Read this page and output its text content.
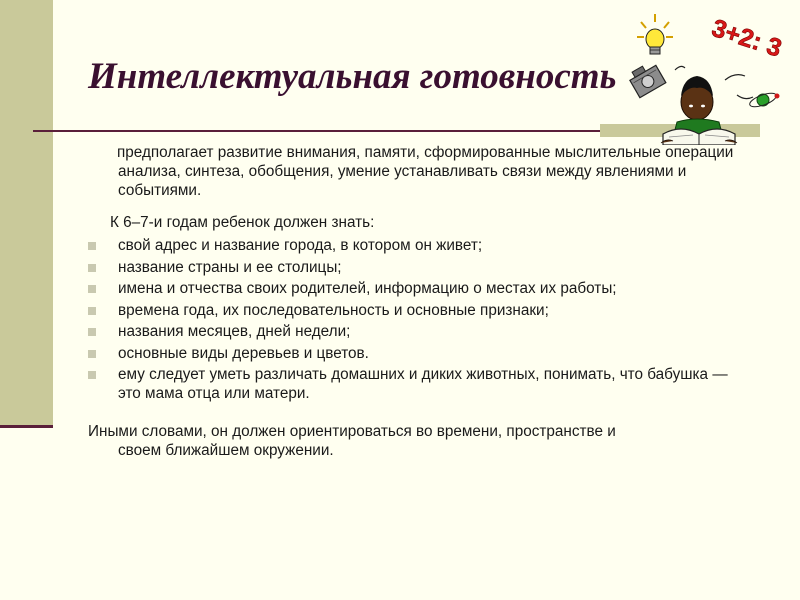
Интеллектуальная готовность
3+2: 3
предполагает развитие внимания, памяти, сформированные мыслительные операции анализа, синтеза, обобщения, умение устанавливать связи между явлениями и событиями.
К 6–7-и годам ребенок должен знать:
свой адрес и название города, в котором он живет;
название страны и ее столицы;
имена и отчества своих родителей, информацию о местах их работы;
времена года, их последовательность и основные признаки;
названия месяцев, дней недели;
основные виды деревьев и цветов.
ему следует уметь различать домашних и диких животных, понимать, что бабушка — это мама отца или матери.
Иными словами, он должен ориентироваться во времени, пространстве и
своем ближайшем окружении.
